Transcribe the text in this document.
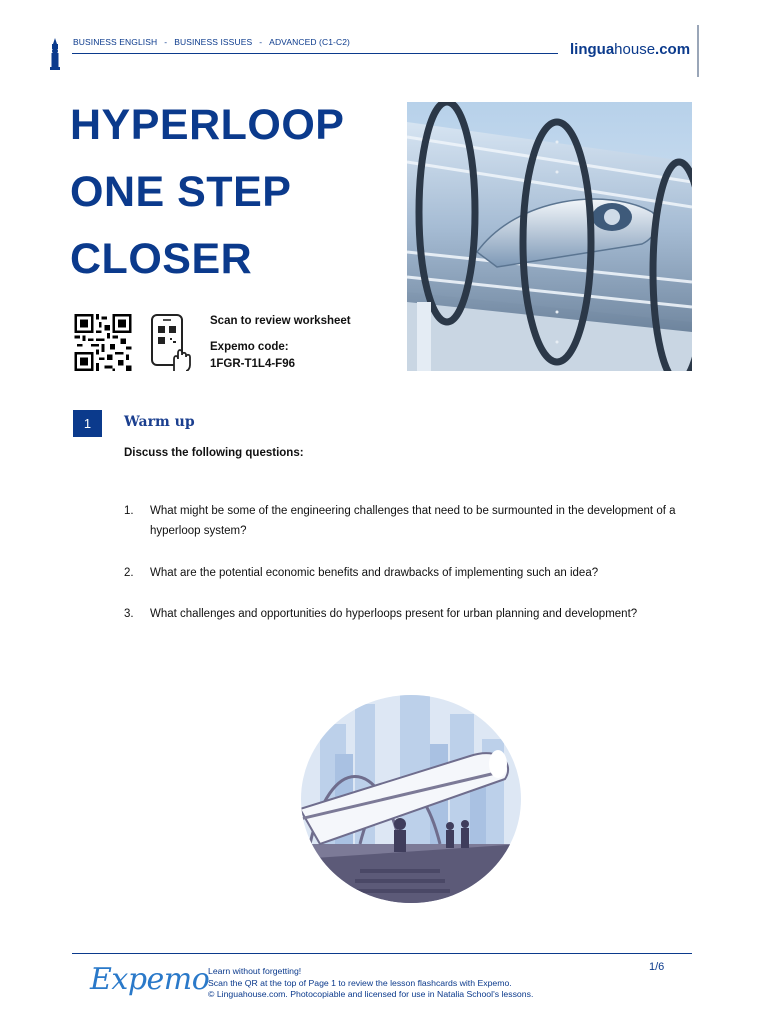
BUSINESS ENGLISH - BUSINESS ISSUES - ADVANCED (C1-C2)	linguahouse.com
HYPERLOOP
ONE STEP
CLOSER
Scan to review worksheet
Expemo code:
1FGR-T1L4-F96
1	Warm up
Discuss the following questions:
1. What might be some of the engineering challenges that need to be surmounted in the development of a hyperloop system?
2. What are the potential economic benefits and drawbacks of implementing such an idea?
3. What challenges and opportunities do hyperloops present for urban planning and development?
Expemo
Learn without forgetting!
Scan the QR at the top of Page 1 to review the lesson flashcards with Expemo.
© Linguahouse.com. Photocopiable and licensed for use in Natalia School's lessons.
1/6
